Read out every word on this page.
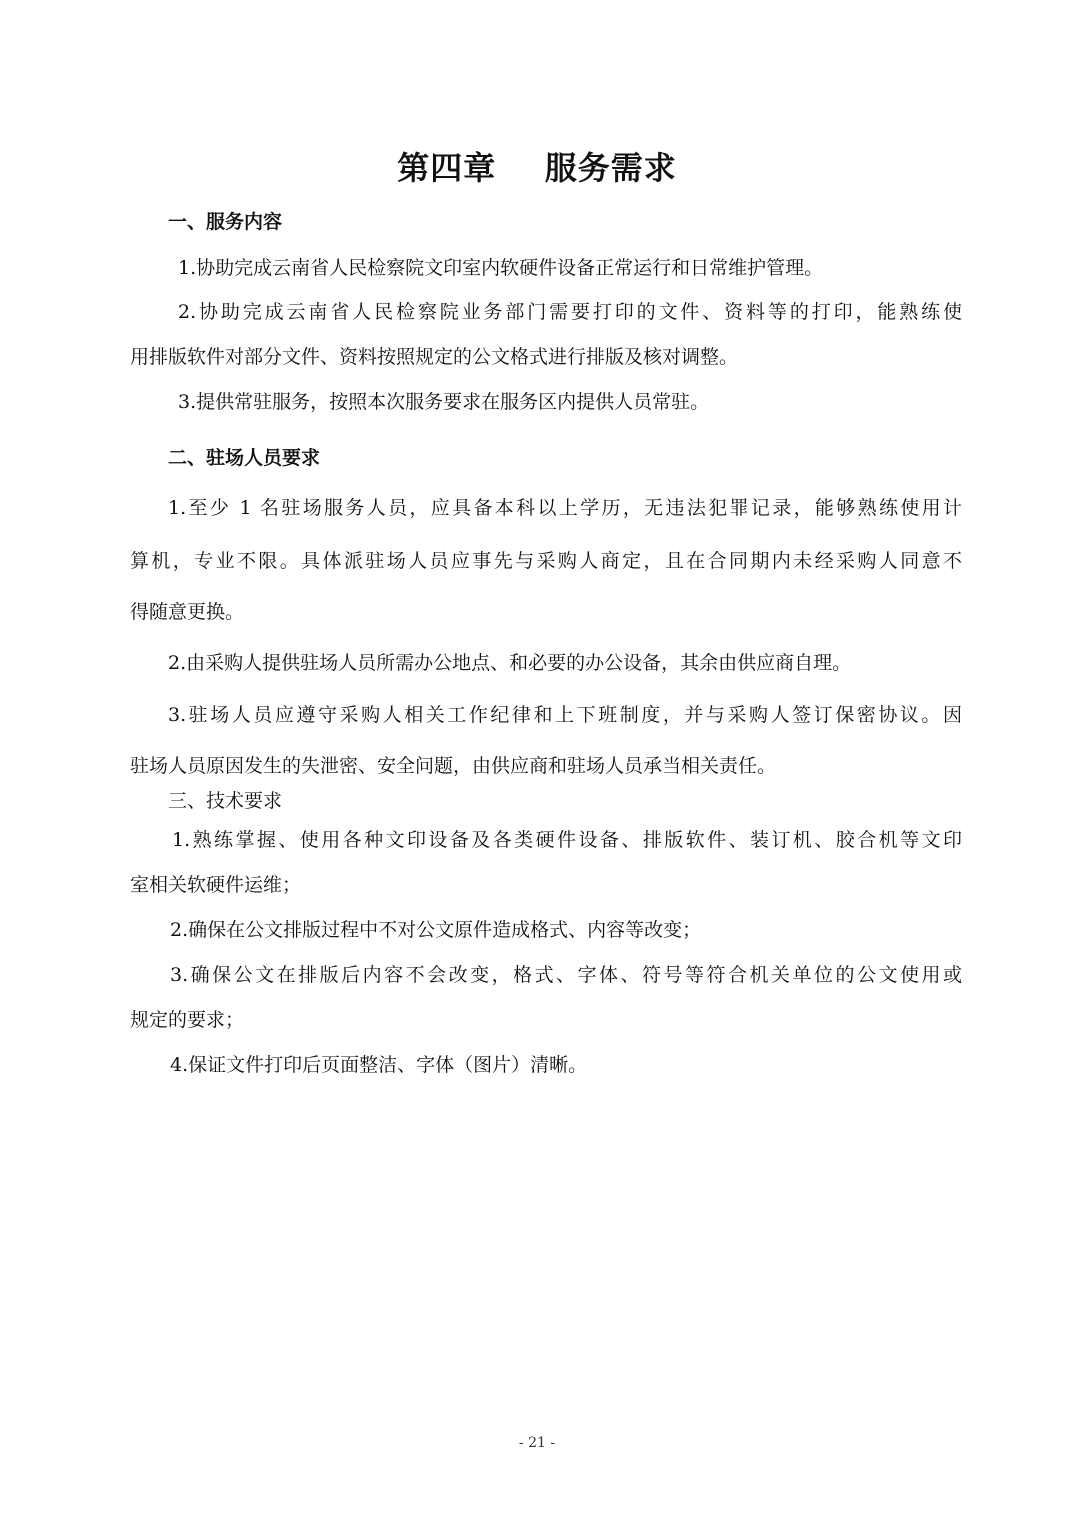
第四章    服务需求
一、服务内容
1.协助完成云南省人民检察院文印室内软硬件设备正常运行和日常维护管理。
2.协助完成云南省人民检察院业务部门需要打印的文件、资料等的打印，能熟练使
用排版软件对部分文件、资料按照规定的公文格式进行排版及核对调整。
3.提供常驻服务，按照本次服务要求在服务区内提供人员常驻。
二、驻场人员要求
1.至少 1 名驻场服务人员，应具备本科以上学历，无违法犯罪记录，能够熟练使用计
算机，专业不限。具体派驻场人员应事先与采购人商定，且在合同期内未经采购人同意不
得随意更换。
2.由采购人提供驻场人员所需办公地点、和必要的办公设备，其余由供应商自理。
3.驻场人员应遵守采购人相关工作纪律和上下班制度，并与采购人签订保密协议。因
驻场人员原因发生的失泄密、安全问题，由供应商和驻场人员承当相关责任。
三、技术要求
1.熟练掌握、使用各种文印设备及各类硬件设备、排版软件、装订机、胶合机等文印
室相关软硬件运维；
2.确保在公文排版过程中不对公文原件造成格式、内容等改变；
3.确保公文在排版后内容不会改变，格式、字体、符号等符合机关单位的公文使用或
规定的要求；
4.保证文件打印后页面整洁、字体（图片）清晰。
- 21 -
